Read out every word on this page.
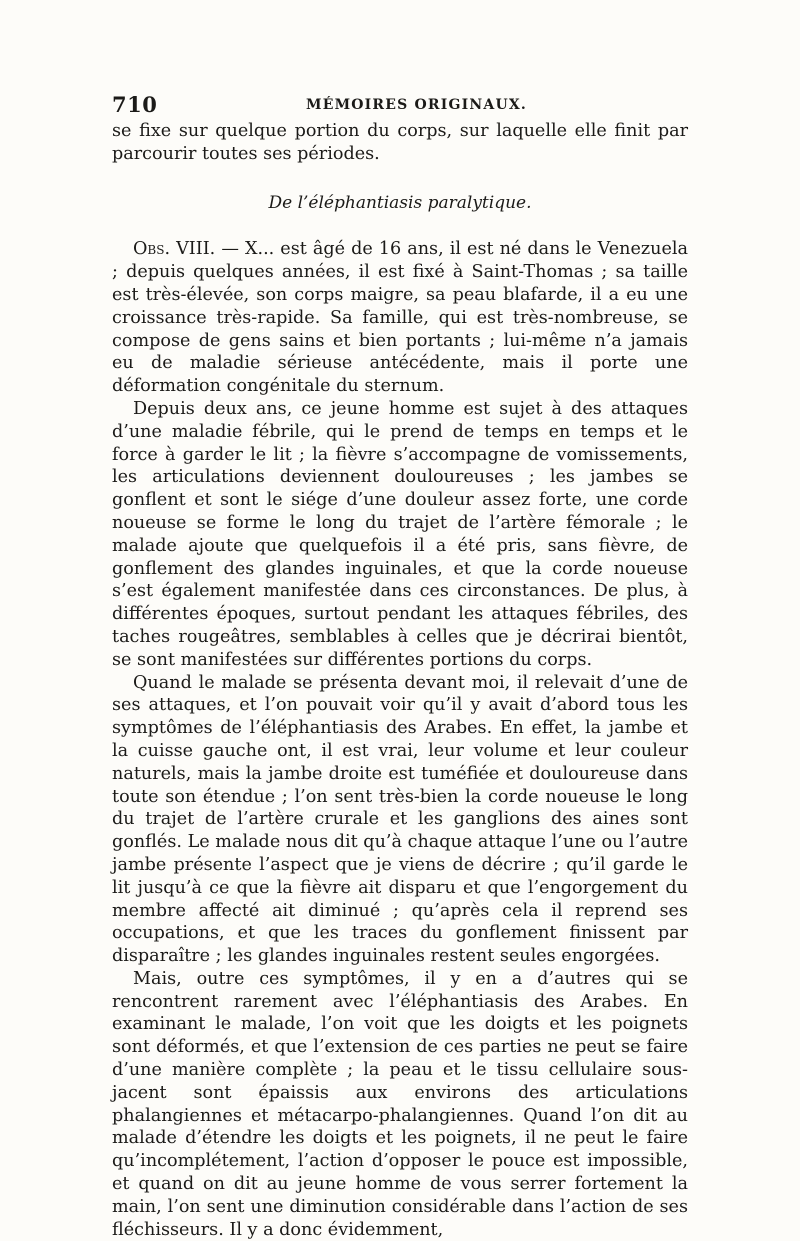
710	MÉMOIRES ORIGINAUX.

se fixe sur quelque portion du corps, sur laquelle elle finit par parcourir toutes ses périodes.

De l’éléphantiasis paralytique.

Obs. VIII. — X... est âgé de 16 ans, il est né dans le Venezuela ; depuis quelques années, il est fixé à Saint-Thomas ; sa taille est très-élevée, son corps maigre, sa peau blafarde, il a eu une croissance très-rapide. Sa famille, qui est très-nombreuse, se compose de gens sains et bien portants ; lui-même n’a jamais eu de maladie sérieuse antécédente, mais il porte une déformation congénitale du sternum.

Depuis deux ans, ce jeune homme est sujet à des attaques d’une maladie fébrile, qui le prend de temps en temps et le force à garder le lit ; la fièvre s’accompagne de vomissements, les articulations deviennent douloureuses ; les jambes se gonflent et sont le siége d’une douleur assez forte, une corde noueuse se forme le long du trajet de l’artère fémorale ; le malade ajoute que quelquefois il a été pris, sans fièvre, de gonflement des glandes inguinales, et que la corde noueuse s’est également manifestée dans ces circonstances. De plus, à différentes époques, surtout pendant les attaques fébriles, des taches rougeâtres, semblables à celles que je décrirai bientôt, se sont manifestées sur différentes portions du corps.

Quand le malade se présenta devant moi, il relevait d’une de ses attaques, et l’on pouvait voir qu’il y avait d’abord tous les symptômes de l’éléphantiasis des Arabes. En effet, la jambe et la cuisse gauche ont, il est vrai, leur volume et leur couleur naturels, mais la jambe droite est tuméfiée et douloureuse dans toute son étendue ; l’on sent très-bien la corde noueuse le long du trajet de l’artère crurale et les ganglions des aines sont gonflés. Le malade nous dit qu’à chaque attaque l’une ou l’autre jambe présente l’aspect que je viens de décrire ; qu’il garde le lit jusqu’à ce que la fièvre ait disparu et que l’engorgement du membre affecté ait diminué ; qu’après cela il reprend ses occupations, et que les traces du gonflement finissent par disparaître ; les glandes inguinales restent seules engorgées.

Mais, outre ces symptômes, il y en a d’autres qui se rencontrent rarement avec l’éléphantiasis des Arabes. En examinant le malade, l’on voit que les doigts et les poignets sont déformés, et que l’extension de ces parties ne peut se faire d’une manière complète ; la peau et le tissu cellulaire sous-jacent sont épaissis aux environs des articulations phalangiennes et métacarpo-phalangiennes. Quand l’on dit au malade d’étendre les doigts et les poignets, il ne peut le faire qu’incomplétement, l’action d’opposer le pouce est impossible, et quand on dit au jeune homme de vous serrer fortement la main, l’on sent une diminution considérable dans l’action de ses fléchisseurs. Il y a donc évidemment,
